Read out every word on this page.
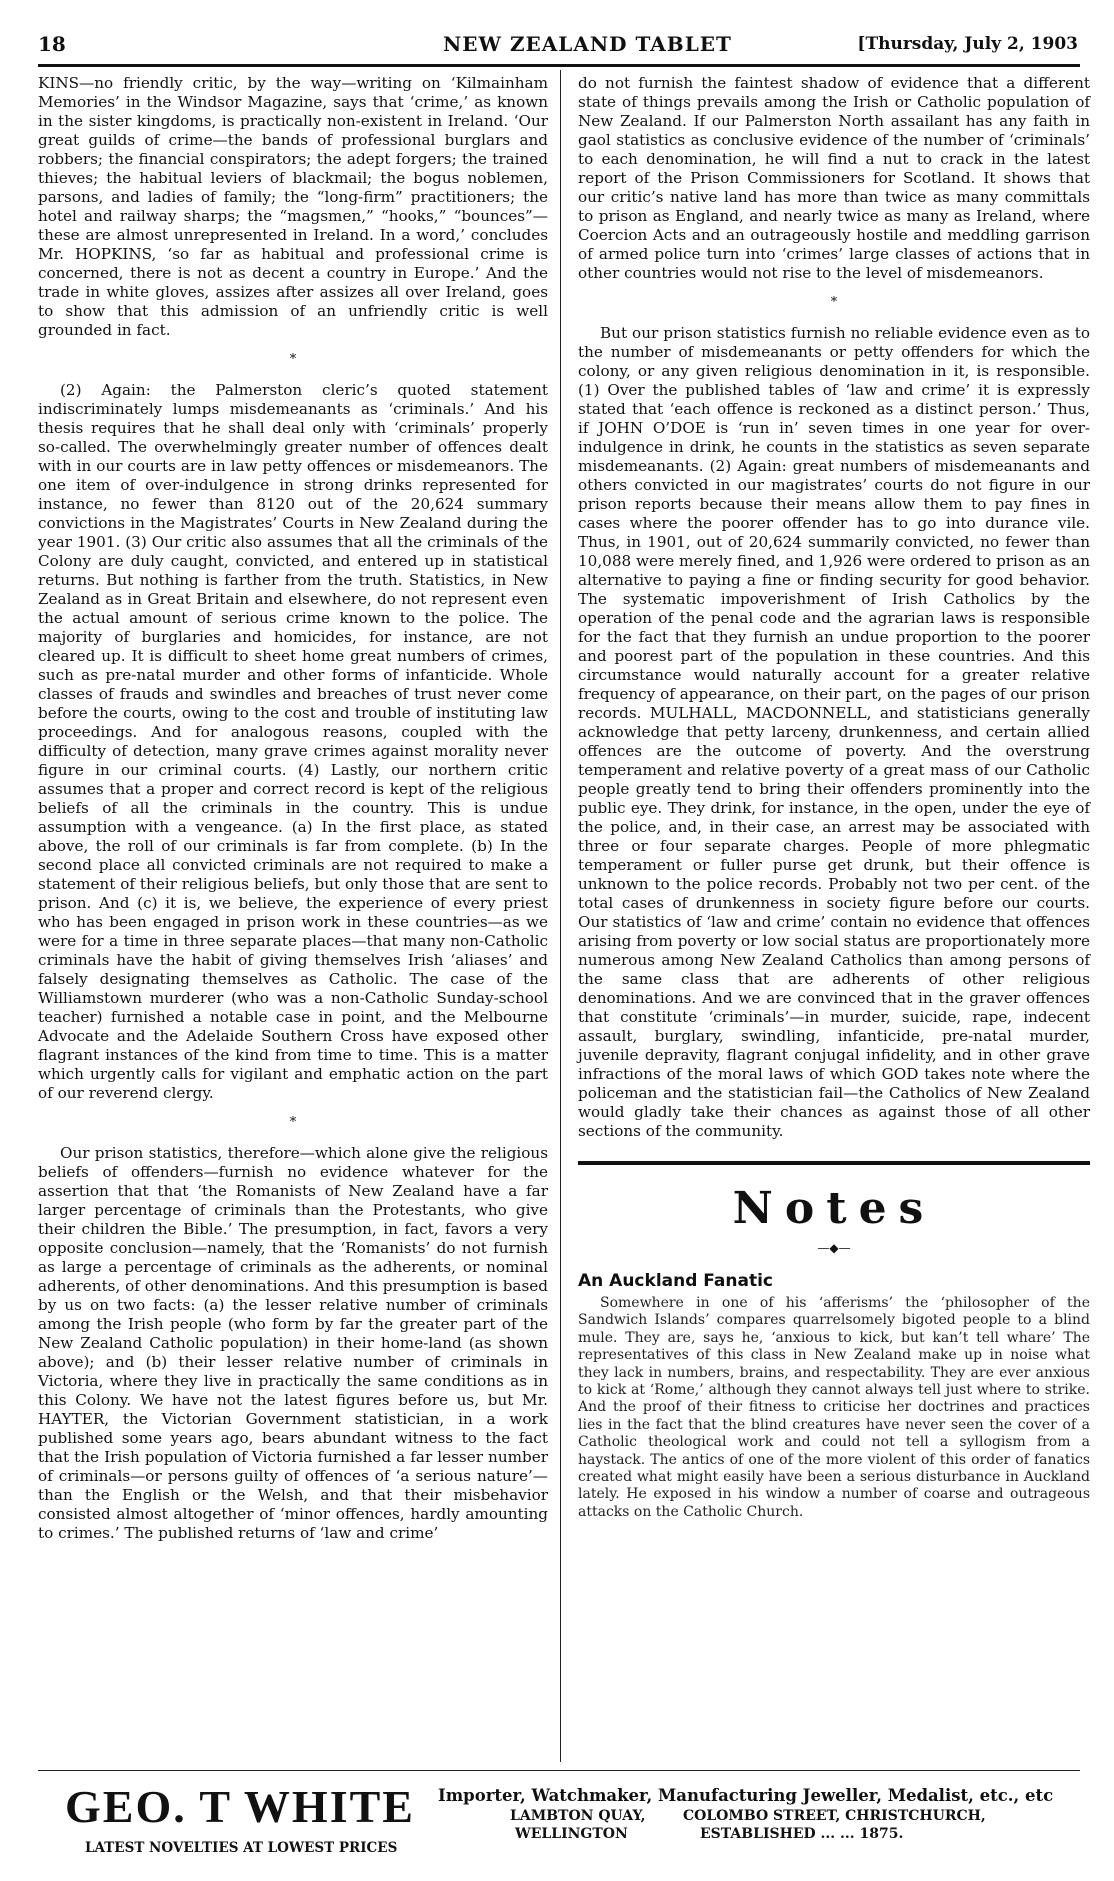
18	NEW ZEALAND TABLET	[Thursday, July 2, 1903

KINS—no friendly critic, by the way—writing on ‘Kilmainham Memories’ in the Windsor Magazine, says that ‘crime,’ as known in the sister kingdoms, is practically non-existent in Ireland. ‘Our great guilds of crime—the bands of professional burglars and robbers; the financial conspirators; the adept forgers; the trained thieves; the habitual leviers of blackmail; the bogus noblemen, parsons, and ladies of family; the “long-firm” practitioners; the hotel and railway sharps; the “magsmen,” “hooks,” “bounces”—these are almost unrepresented in Ireland. In a word,’ concludes Mr. HOPKINS, ‘so far as habitual and professional crime is concerned, there is not as decent a country in Europe.’ And the trade in white gloves, assizes after assizes all over Ireland, goes to show that this admission of an unfriendly critic is well grounded in fact.

*

(2) Again: the Palmerston cleric’s quoted statement indiscriminately lumps misdemeanants as ‘criminals.’ And his thesis requires that he shall deal only with ‘criminals’ properly so-called. The overwhelmingly greater number of offences dealt with in our courts are in law petty offences or misdemeanors. The one item of over-indulgence in strong drinks represented for instance, no fewer than 8120 out of the 20,624 summary convictions in the Magistrates’ Courts in New Zealand during the year 1901. (3) Our critic also assumes that all the criminals of the Colony are duly caught, convicted, and entered up in statistical returns. But nothing is farther from the truth. Statistics, in New Zealand as in Great Britain and elsewhere, do not represent even the actual amount of serious crime known to the police. The majority of burglaries and homicides, for instance, are not cleared up. It is difficult to sheet home great numbers of crimes, such as pre-natal murder and other forms of infanticide. Whole classes of frauds and swindles and breaches of trust never come before the courts, owing to the cost and trouble of instituting law proceedings. And for analogous reasons, coupled with the difficulty of detection, many grave crimes against morality never figure in our criminal courts. (4) Lastly, our northern critic assumes that a proper and correct record is kept of the religious beliefs of all the criminals in the country. This is undue assumption with a vengeance. (a) In the first place, as stated above, the roll of our criminals is far from complete. (b) In the second place all convicted criminals are not required to make a statement of their religious beliefs, but only those that are sent to prison. And (c) it is, we believe, the experience of every priest who has been engaged in prison work in these countries—as we were for a time in three separate places—that many non-Catholic criminals have the habit of giving themselves Irish ‘aliases’ and falsely designating themselves as Catholic. The case of the Williamstown murderer (who was a non-Catholic Sunday-school teacher) furnished a notable case in point, and the Melbourne Advocate and the Adelaide Southern Cross have exposed other flagrant instances of the kind from time to time. This is a matter which urgently calls for vigilant and emphatic action on the part of our reverend clergy.

*

Our prison statistics, therefore—which alone give the religious beliefs of offenders—furnish no evidence whatever for the assertion that that ‘the Romanists of New Zealand have a far larger percentage of criminals than the Protestants, who give their children the Bible.’ The presumption, in fact, favors a very opposite conclusion—namely, that the ‘Romanists’ do not furnish as large a percentage of criminals as the adherents, or nominal adherents, of other denominations. And this presumption is based by us on two facts: (a) the lesser relative number of criminals among the Irish people (who form by far the greater part of the New Zealand Catholic population) in their home-land (as shown above); and (b) their lesser relative number of criminals in Victoria, where they live in practically the same conditions as in this Colony. We have not the latest figures before us, but Mr. HAYTER, the Victorian Government statistician, in a work published some years ago, bears abundant witness to the fact that the Irish population of Victoria furnished a far lesser number of criminals—or persons guilty of offences of ‘a serious nature’—than the English or the Welsh, and that their misbehavior consisted almost altogether of ‘minor offences, hardly amounting to crimes.’ The published returns of ‘law and crime’

do not furnish the faintest shadow of evidence that a different state of things prevails among the Irish or Catholic population of New Zealand. If our Palmerston North assailant has any faith in gaol statistics as conclusive evidence of the number of ‘criminals’ to each denomination, he will find a nut to crack in the latest report of the Prison Commissioners for Scotland. It shows that our critic’s native land has more than twice as many committals to prison as England, and nearly twice as many as Ireland, where Coercion Acts and an outrageously hostile and meddling garrison of armed police turn into ‘crimes’ large classes of actions that in other countries would not rise to the level of misdemeanors.

*

But our prison statistics furnish no reliable evidence even as to the number of misdemeanants or petty offenders for which the colony, or any given religious denomination in it, is responsible. (1) Over the published tables of ‘law and crime’ it is expressly stated that ‘each offence is reckoned as a distinct person.’ Thus, if JOHN O’DOE is ‘run in’ seven times in one year for over-indulgence in drink, he counts in the statistics as seven separate misdemeanants. (2) Again: great numbers of misdemeanants and others convicted in our magistrates’ courts do not figure in our prison reports because their means allow them to pay fines in cases where the poorer offender has to go into durance vile. Thus, in 1901, out of 20,624 summarily convicted, no fewer than 10,088 were merely fined, and 1,926 were ordered to prison as an alternative to paying a fine or finding security for good behavior. The systematic impoverishment of Irish Catholics by the operation of the penal code and the agrarian laws is responsible for the fact that they furnish an undue proportion to the poorer and poorest part of the population in these countries. And this circumstance would naturally account for a greater relative frequency of appearance, on their part, on the pages of our prison records. MULHALL, MACDONNELL, and statisticians generally acknowledge that petty larceny, drunkenness, and certain allied offences are the outcome of poverty. And the overstrung temperament and relative poverty of a great mass of our Catholic people greatly tend to bring their offenders prominently into the public eye. They drink, for instance, in the open, under the eye of the police, and, in their case, an arrest may be associated with three or four separate charges. People of more phlegmatic temperament or fuller purse get drunk, but their offence is unknown to the police records. Probably not two per cent. of the total cases of drunkenness in society figure before our courts. Our statistics of ‘law and crime’ contain no evidence that offences arising from poverty or low social status are proportionately more numerous among New Zealand Catholics than among persons of the same class that are adherents of other religious denominations. And we are convinced that in the graver offences that constitute ‘criminals’—in murder, suicide, rape, indecent assault, burglary, swindling, infanticide, pre-natal murder, juvenile depravity, flagrant conjugal infidelity, and in other grave infractions of the moral laws of which GOD takes note where the policeman and the statistician fail—the Catholics of New Zealand would gladly take their chances as against those of all other sections of the community.

Notes
—◆—
An Auckland Fanatic

Somewhere in one of his ‘afferisms’ the ‘philosopher of the Sandwich Islands’ compares quarrelsomely bigoted people to a blind mule. They are, says he, ‘anxious to kick, but kan’t tell whare’ The representatives of this class in New Zealand make up in noise what they lack in numbers, brains, and respectability. They are ever anxious to kick at ‘Rome,’ although they cannot always tell just where to strike. And the proof of their fitness to criticise her doctrines and practices lies in the fact that the blind creatures have never seen the cover of a Catholic theological work and could not tell a syllogism from a haystack. The antics of one of the more violent of this order of fanatics created what might easily have been a serious disturbance in Auckland lately. He exposed in his window a number of coarse and outrageous attacks on the Catholic Church.

GEO. T WHITE
LATEST NOVELTIES AT LOWEST PRICES
Importer, Watchmaker, Manufacturing Jeweller, Medalist, etc., etc
LAMBTON QUAY,
WELLINGTON
COLOMBO STREET, CHRISTCHURCH,
ESTABLISHED ... ... 1875.
